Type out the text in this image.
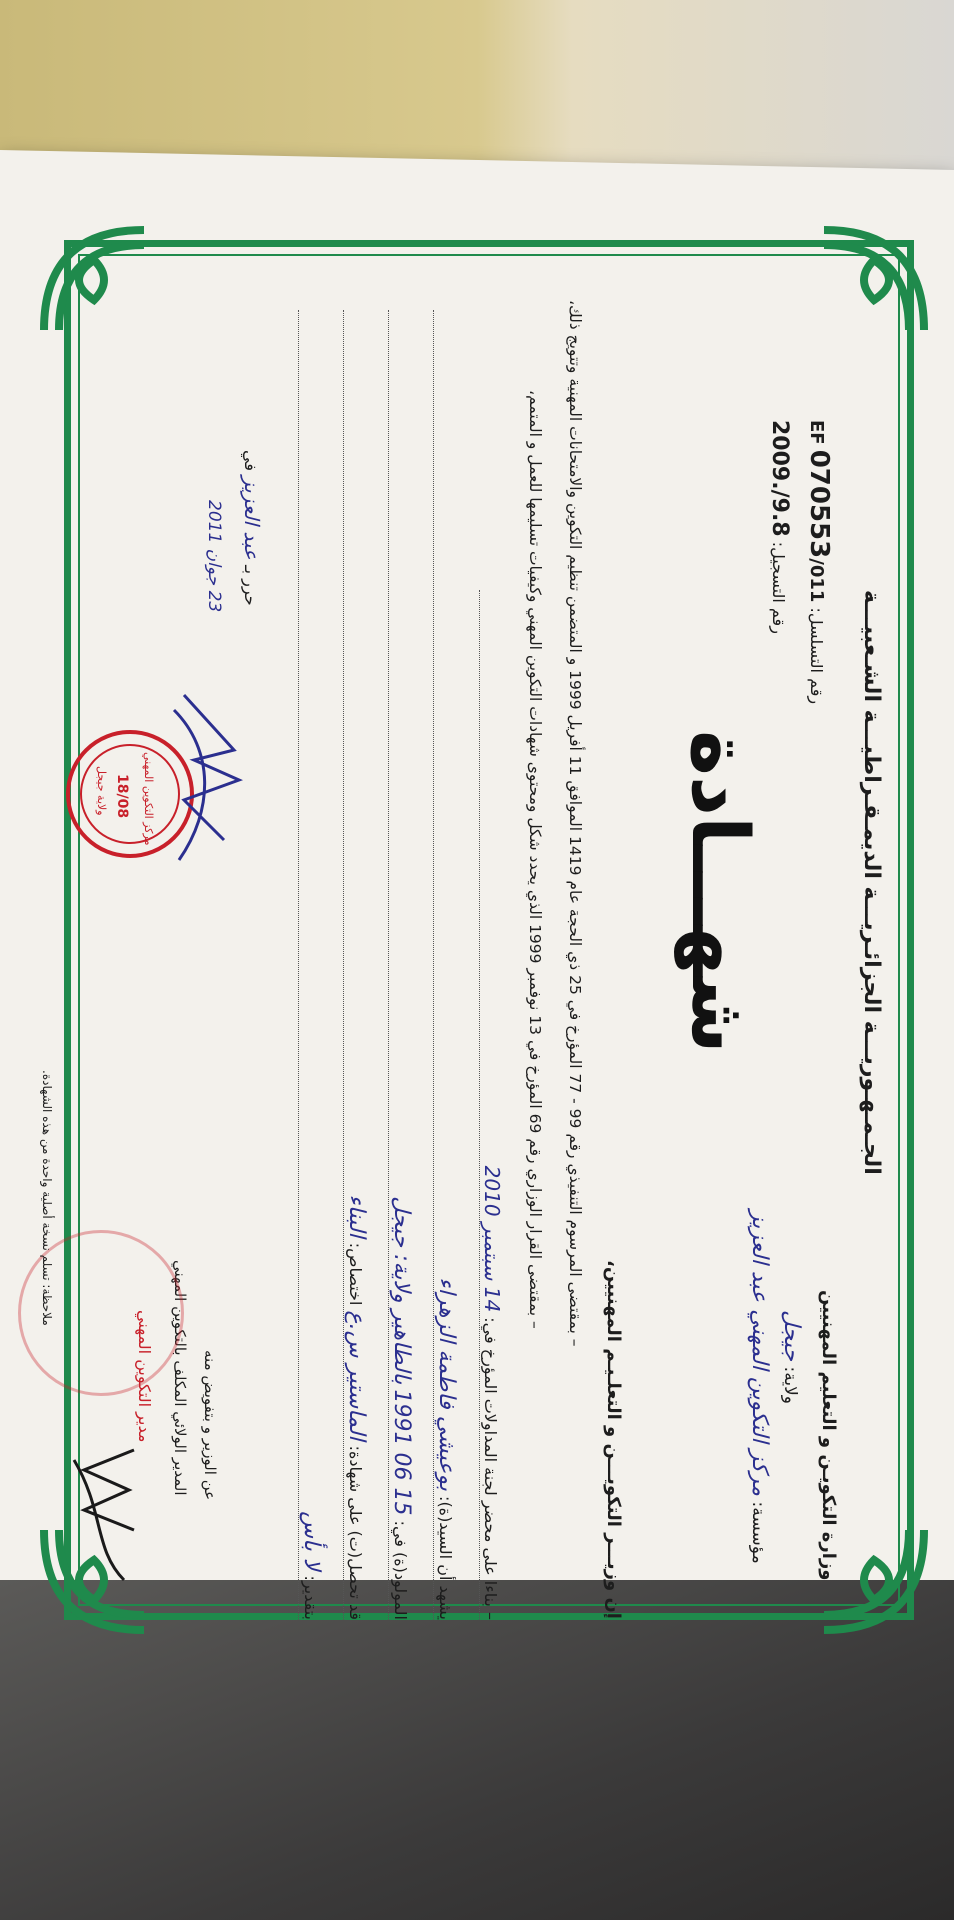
الجـمـهـوريـــة الجزائـريـــة الديمـقـراطيـــة الشـعبيـــة
وزارة التكويـن و التعليم المهنيين
ولاية: جيجل
مؤسسة: مركز التكوين المهني عبد العزيز
رقم التسلسل: 011/EF 070553
رقم التسجيل: 9.8/.2009
شهـــادة
إن وزيـــر التكويـــن و التعلـيـم المهنيين،
– بمقتضى المرسوم التنفيذي رقم 99 - 77 المؤرخ في 25 ذي الحجة عام 1419 الموافق 11 أفريل 1999 و المتضمن تنظيم التكوين والامتحانات المهنية وتتويج ذلك،
– بمقتضى القرار الوزاري رقم 69 المؤرخ في 13 نوفمبر 1999 الذي يحدد شكل ومحتوى شهادات التكوين المهني وكيفيات تسليمها للعمل و المتمم،
– بناءا على محضر لجنة المداولات المؤرخ في: 14 سبتمبر 2010
يشهد أن السيد(ة): بوعيشي فاطمة الزهراء
المولود(ة) في: 15 06 1991 بالطاهير ولاية: جيجل
قد تحصل(ت) على شهادة: الماستير س.ع اختصاص: البناء
بتقدير: لا بأس
حرر بـ عبد العزيز في
23 جوان 2011
عن الوزير و بتفويض منه
المدير الولائي المكلف بالتكوين المهني
مدير التكوين المهني
مركز التكوين المهني
18/08
ولاية جيجل
ملاحظة: تسلم نسخة أصلية واحدة من هذه الشهادة.
